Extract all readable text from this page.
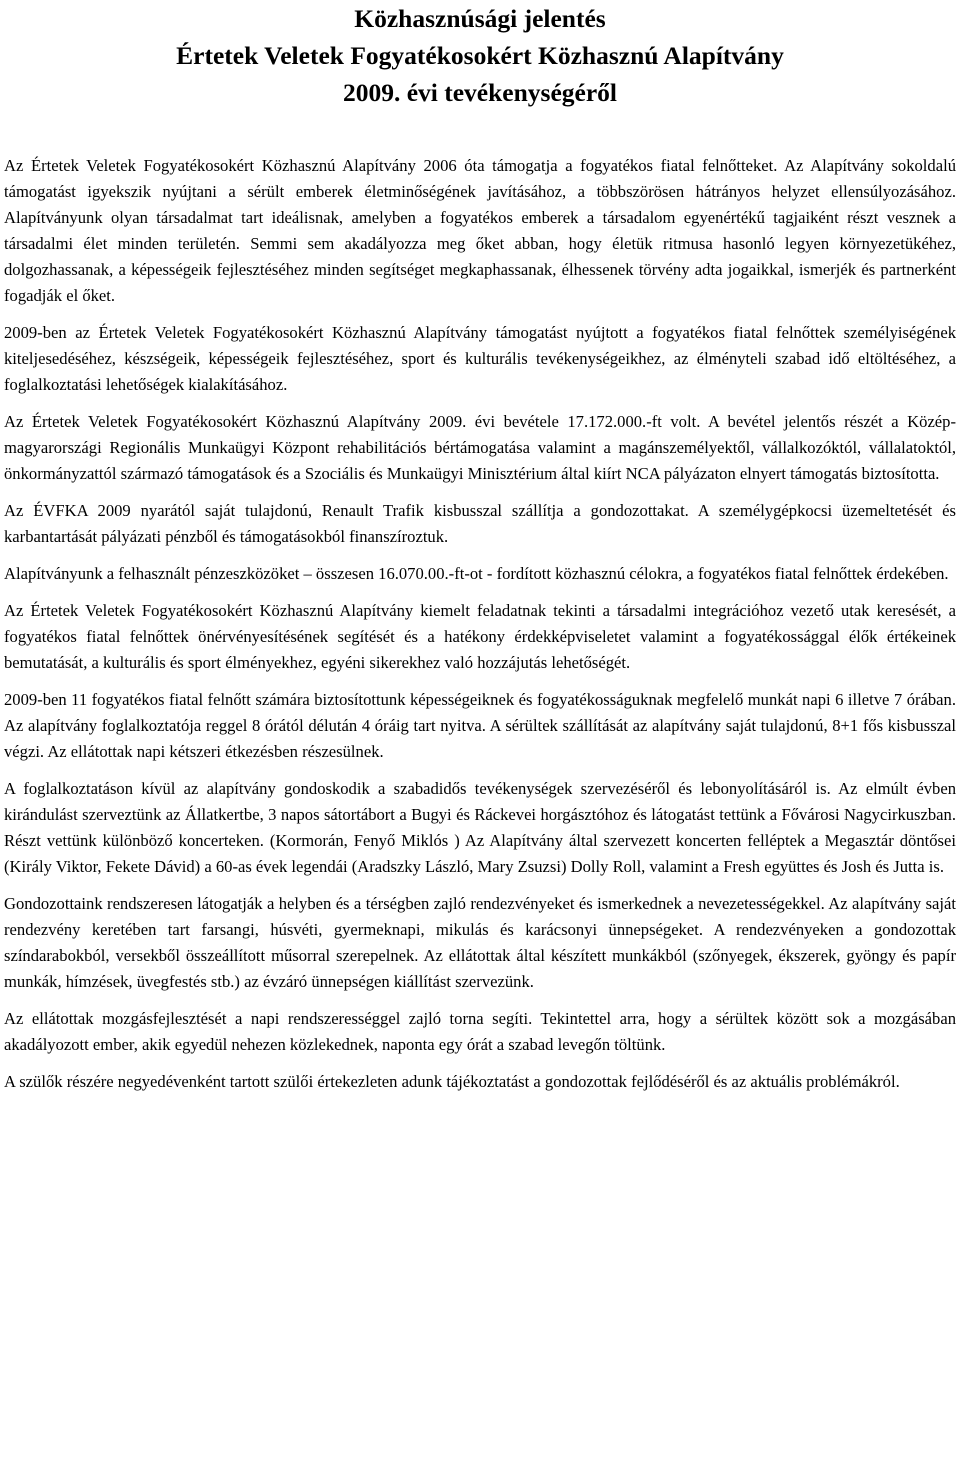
Közhasznúsági jelentés
Értetek Veletek Fogyatékosokért Közhasznú Alapítvány
2009. évi tevékenységéről

Az Értetek Veletek Fogyatékosokért Közhasznú Alapítvány 2006 óta támogatja a fogyatékos fiatal felnőtteket. Az Alapítvány sokoldalú támogatást igyekszik nyújtani a sérült emberek életminőségének javításához, a többszörösen hátrányos helyzet ellensúlyozásához. Alapítványunk olyan társadalmat tart ideálisnak, amelyben a fogyatékos emberek a társadalom egyenértékű tagjaiként részt vesznek a társadalmi élet minden területén. Semmi sem akadályozza meg őket abban, hogy életük ritmusa hasonló legyen környezetükéhez, dolgozhassanak, a képességeik fejlesztéséhez minden segítséget megkaphassanak, élhessenek törvény adta jogaikkal, ismerjék és partnerként fogadják el őket.

2009-ben az Értetek Veletek Fogyatékosokért Közhasznú Alapítvány támogatást nyújtott a fogyatékos fiatal felnőttek személyiségének kiteljesedéséhez, készségeik, képességeik fejlesztéséhez, sport és kulturális tevékenységeikhez, az élményteli szabad idő eltöltéséhez, a foglalkoztatási lehetőségek kialakításához.

Az Értetek Veletek Fogyatékosokért Közhasznú Alapítvány 2009. évi bevétele 17.172.000.-ft volt. A bevétel jelentős részét a Közép-magyarországi Regionális Munkaügyi Központ rehabilitációs bértámogatása valamint a magánszemélyektől, vállalkozóktól, vállalatoktól, önkormányzattól származó támogatások és a Szociális és Munkaügyi Minisztérium által kiírt NCA pályázaton elnyert támogatás biztosította.

Az ÉVFKA 2009 nyarától saját tulajdonú, Renault Trafik kisbusszal szállítja a gondozottakat. A személygépkocsi üzemeltetését és karbantartását pályázati pénzből és támogatásokból finanszíroztuk.

Alapítványunk a felhasznált pénzeszközöket – összesen 16.070.00.-ft-ot - fordított közhasznú célokra, a fogyatékos fiatal felnőttek érdekében.

Az Értetek Veletek Fogyatékosokért Közhasznú Alapítvány kiemelt feladatnak tekinti a társadalmi integrációhoz vezető utak keresését, a fogyatékos fiatal felnőttek önérvényesítésének segítését és a hatékony érdekképviseletet valamint a fogyatékossággal élők értékeinek bemutatását, a kulturális és sport élményekhez, egyéni sikerekhez való hozzájutás lehetőségét.

2009-ben 11 fogyatékos fiatal felnőtt számára biztosítottunk képességeiknek és fogyatékosságuknak megfelelő munkát napi 6 illetve 7 órában. Az alapítvány foglalkoztatója reggel 8 órától délután 4 óráig tart nyitva. A sérültek szállítását az alapítvány saját tulajdonú, 8+1 fős kisbusszal végzi. Az ellátottak napi kétszeri étkezésben részesülnek.

A foglalkoztatáson kívül az alapítvány gondoskodik a szabadidős tevékenységek szervezéséről és lebonyolításáról is. Az elmúlt évben kirándulást szerveztünk az Állatkertbe, 3 napos sátortábort a Bugyi és Ráckevei horgásztóhoz és látogatást tettünk a Fővárosi Nagycirkuszban. Részt vettünk különböző koncerteken. (Kormorán, Fenyő Miklós ) Az Alapítvány által szervezett koncerten felléptek a Megasztár döntősei (Király Viktor, Fekete Dávid) a 60-as évek legendái (Aradszky László, Mary Zsuzsi) Dolly Roll, valamint a Fresh együttes és Josh és Jutta is.

Gondozottaink rendszeresen látogatják a helyben és a térségben zajló rendezvényeket és ismerkednek a nevezetességekkel. Az alapítvány saját rendezvény keretében tart farsangi, húsvéti, gyermeknapi, mikulás és karácsonyi ünnepségeket. A rendezvényeken a gondozottak színdarabokból, versekből összeállított műsorral szerepelnek. Az ellátottak által készített munkákból (szőnyegek, ékszerek, gyöngy és papír munkák, hímzések, üvegfestés stb.) az évzáró ünnepségen kiállítást szervezünk.

Az ellátottak mozgásfejlesztését a napi rendszerességgel zajló torna segíti. Tekintettel arra, hogy a sérültek között sok a mozgásában akadályozott ember, akik egyedül nehezen közlekednek, naponta egy órát a szabad levegőn töltünk.

A szülők részére negyedévenként tartott szülői értekezleten adunk tájékoztatást a gondozottak fejlődéséről és az aktuális problémákról.
